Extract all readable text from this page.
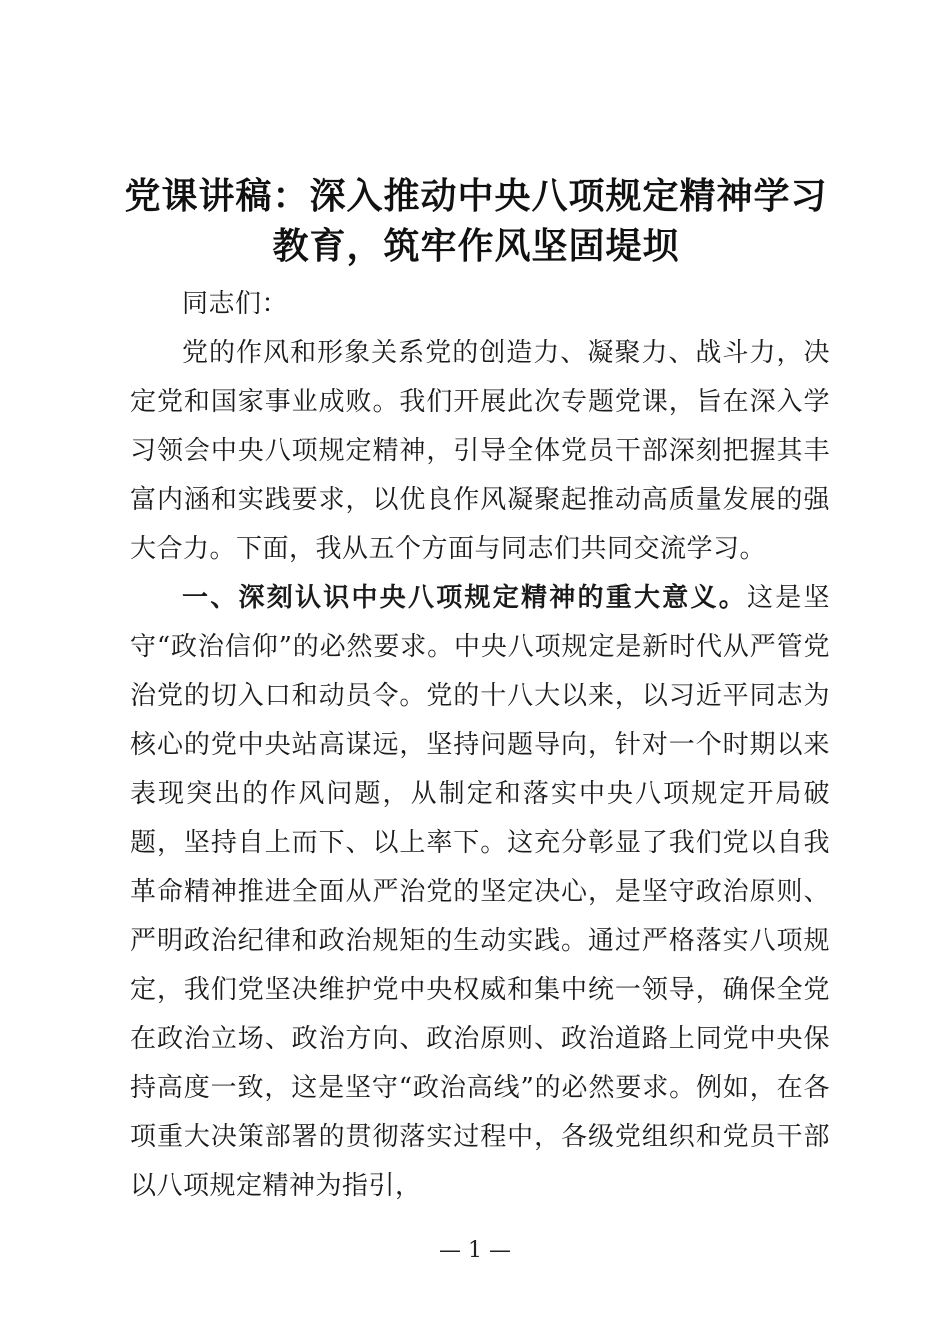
党课讲稿：深入推动中央八项规定精神学习教育，筑牢作风坚固堤坝

同志们：

党的作风和形象关系党的创造力、凝聚力、战斗力，决定党和国家事业成败。我们开展此次专题党课，旨在深入学习领会中央八项规定精神，引导全体党员干部深刻把握其丰富内涵和实践要求，以优良作风凝聚起推动高质量发展的强大合力。下面，我从五个方面与同志们共同交流学习。

一、深刻认识中央八项规定精神的重大意义。这是坚守“政治信仰”的必然要求。中央八项规定是新时代从严管党治党的切入口和动员令。党的十八大以来，以习近平同志为核心的党中央站高谋远，坚持问题导向，针对一个时期以来表现突出的作风问题，从制定和落实中央八项规定开局破题，坚持自上而下、以上率下。这充分彰显了我们党以自我革命精神推进全面从严治党的坚定决心，是坚守政治原则、严明政治纪律和政治规矩的生动实践。通过严格落实八项规定，我们党坚决维护党中央权威和集中统一领导，确保全党在政治立场、政治方向、政治原则、政治道路上同党中央保持高度一致，这是坚守“政治高线”的必然要求。例如，在各项重大决策部署的贯彻落实过程中，各级党组织和党员干部以八项规定精神为指引，

— 1 —
